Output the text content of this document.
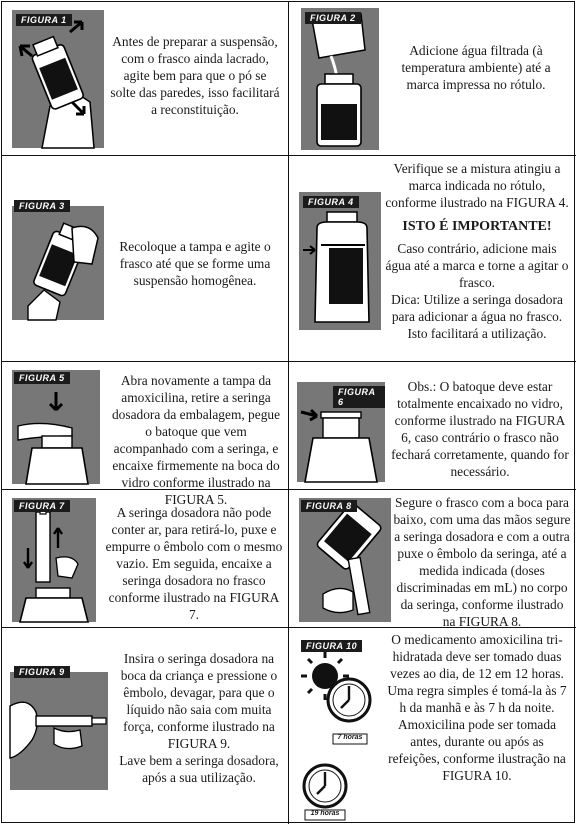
FIGURA 1
Antes de preparar a suspensão, com o frasco ainda lacrado, agite bem para que o pó se solte das paredes, isso facilitará a reconstituição.
FIGURA 2
Adicione água filtrada (à temperatura ambiente) até a marca impressa no rótulo.
FIGURA 3
Recoloque a tampa e agite o frasco até que se forme uma suspensão homogênea.
FIGURA 4

Verifique se a mistura atingiu a marca indicada no rótulo, conforme ilustrado na FIGURA 4.

ISTO É IMPORTANTE!

Caso contrário, adicione mais água até a marca e torne a agitar o frasco.

Dica: Utilize a seringa dosadora para adicionar a água no frasco. Isto facilitará a utilização.

FIGURA 5	Abra novamente a tampa da amoxicilina, retire a seringa dosadora da embalagem, pegue o batoque que vem acompanhado com a seringa, e encaixe firmemente na boca do vidro conforme ilustrado na FIGURA 5.
FIGURA 6
Obs.: O batoque deve estar totalmente encaixado no vidro, conforme ilustrado na FIGURA 6, caso contrário o frasco não fechará corretamente, quando for necessário.
FIGURA 7	A seringa dosadora não pode conter ar, para retirá-lo, puxe e empurre o êmbolo com o mesmo vazio. Em seguida, encaixe a seringa dosadora no frasco conforme ilustrado na FIGURA 7.
FIGURA 8	Segure o frasco com a boca para baixo, com uma das mãos segure a seringa dosadora e com a outra puxe o êmbolo da seringa, até a medida indicada (doses discriminadas em mL) no corpo da seringa, conforme ilustrado na FIGURA 8.
FIGURA 9

Insira o seringa dosadora na boca da criança e pressione o êmbolo, devagar, para que o líquido não saia com muita força, conforme ilustrado na FIGURA 9.

Lave bem a seringa dosadora, após a sua utilização.

FIGURA 10
7 horas
19 horas
O medicamento amoxicilina tri-hidratada deve ser tomado duas vezes ao dia, de 12 em 12 horas. Uma regra simples é tomá-la às 7 h da manhã e às 7 h da noite. Amoxicilina pode ser tomada antes, durante ou após as refeições, conforme ilustração na FIGURA 10.
